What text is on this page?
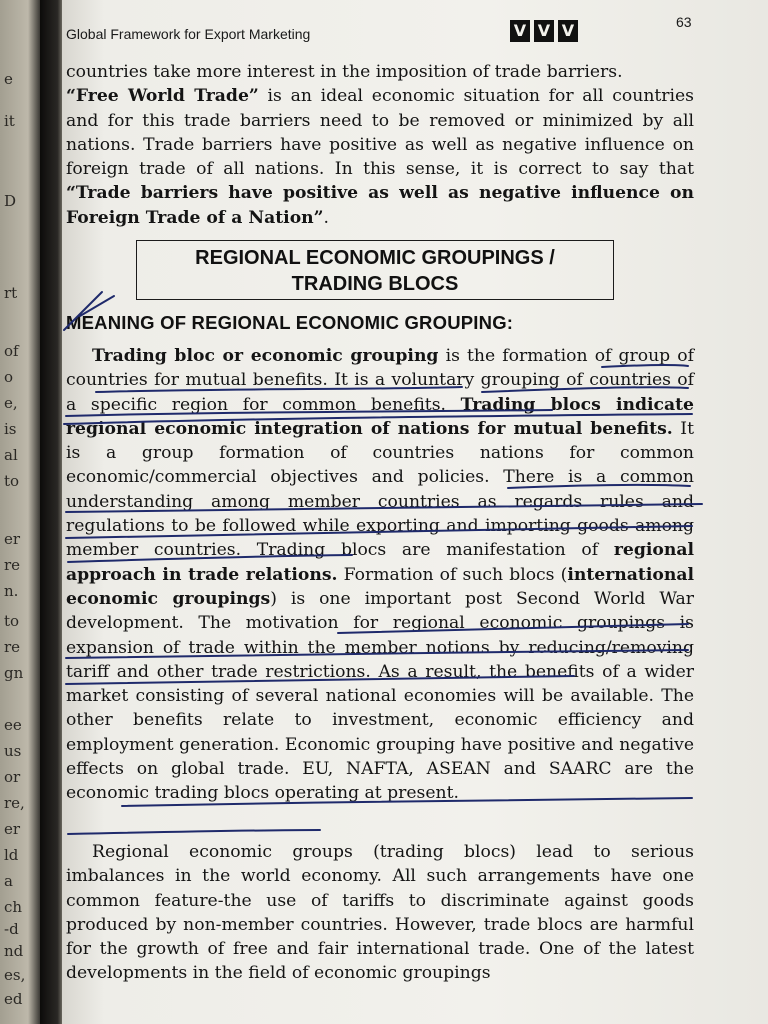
e
it
D
rt
of
o
e,
is
al
to
er
re
n.
to
re
gn
ee
us
or
re,
er
ld
a
ch
-d
nd
es,
ed
Global Framework for Export Marketing	V V V	63

countries take more interest in the imposition of trade barriers.
“Free World Trade” is an ideal economic situation for all countries and for this trade barriers need to be removed or minimized by all nations. Trade barriers have positive as well as negative influence on foreign trade of all nations. In this sense, it is correct to say that “Trade barriers have positive as well as negative influence on Foreign Trade of a Nation”.

REGIONAL ECONOMIC GROUPINGS /
TRADING BLOCS
MEANING OF REGIONAL ECONOMIC GROUPING:

Trading bloc or economic grouping is the formation of group of countries for mutual benefits. It is a voluntary grouping of countries of a specific region for common benefits. Trading blocs indicate regional economic integration of nations for mutual benefits. It is a group formation of countries nations for common economic/commercial objectives and policies. There is a common understanding among member countries as regards rules and regulations to be followed while exporting and importing goods among member countries. Trading blocs are manifestation of regional approach in trade relations. Formation of such blocs (international economic groupings) is one important post Second World War development. The motivation for regional economic groupings is expansion of trade within the member notions by reducing/removing tariff and other trade restrictions. As a result, the benefits of a wider market consisting of several national economies will be available. The other benefits relate to investment, economic efficiency and employment generation. Economic grouping have positive and negative effects on global trade. EU, NAFTA, ASEAN and SAARC are the economic trading blocs operating at present.

Regional economic groups (trading blocs) lead to serious imbalances in the world economy. All such arrangements have one common feature-the use of tariffs to discriminate against goods produced by non-member countries. However, trade blocs are harmful for the growth of free and fair international trade. One of the latest developments in the field of economic groupings
